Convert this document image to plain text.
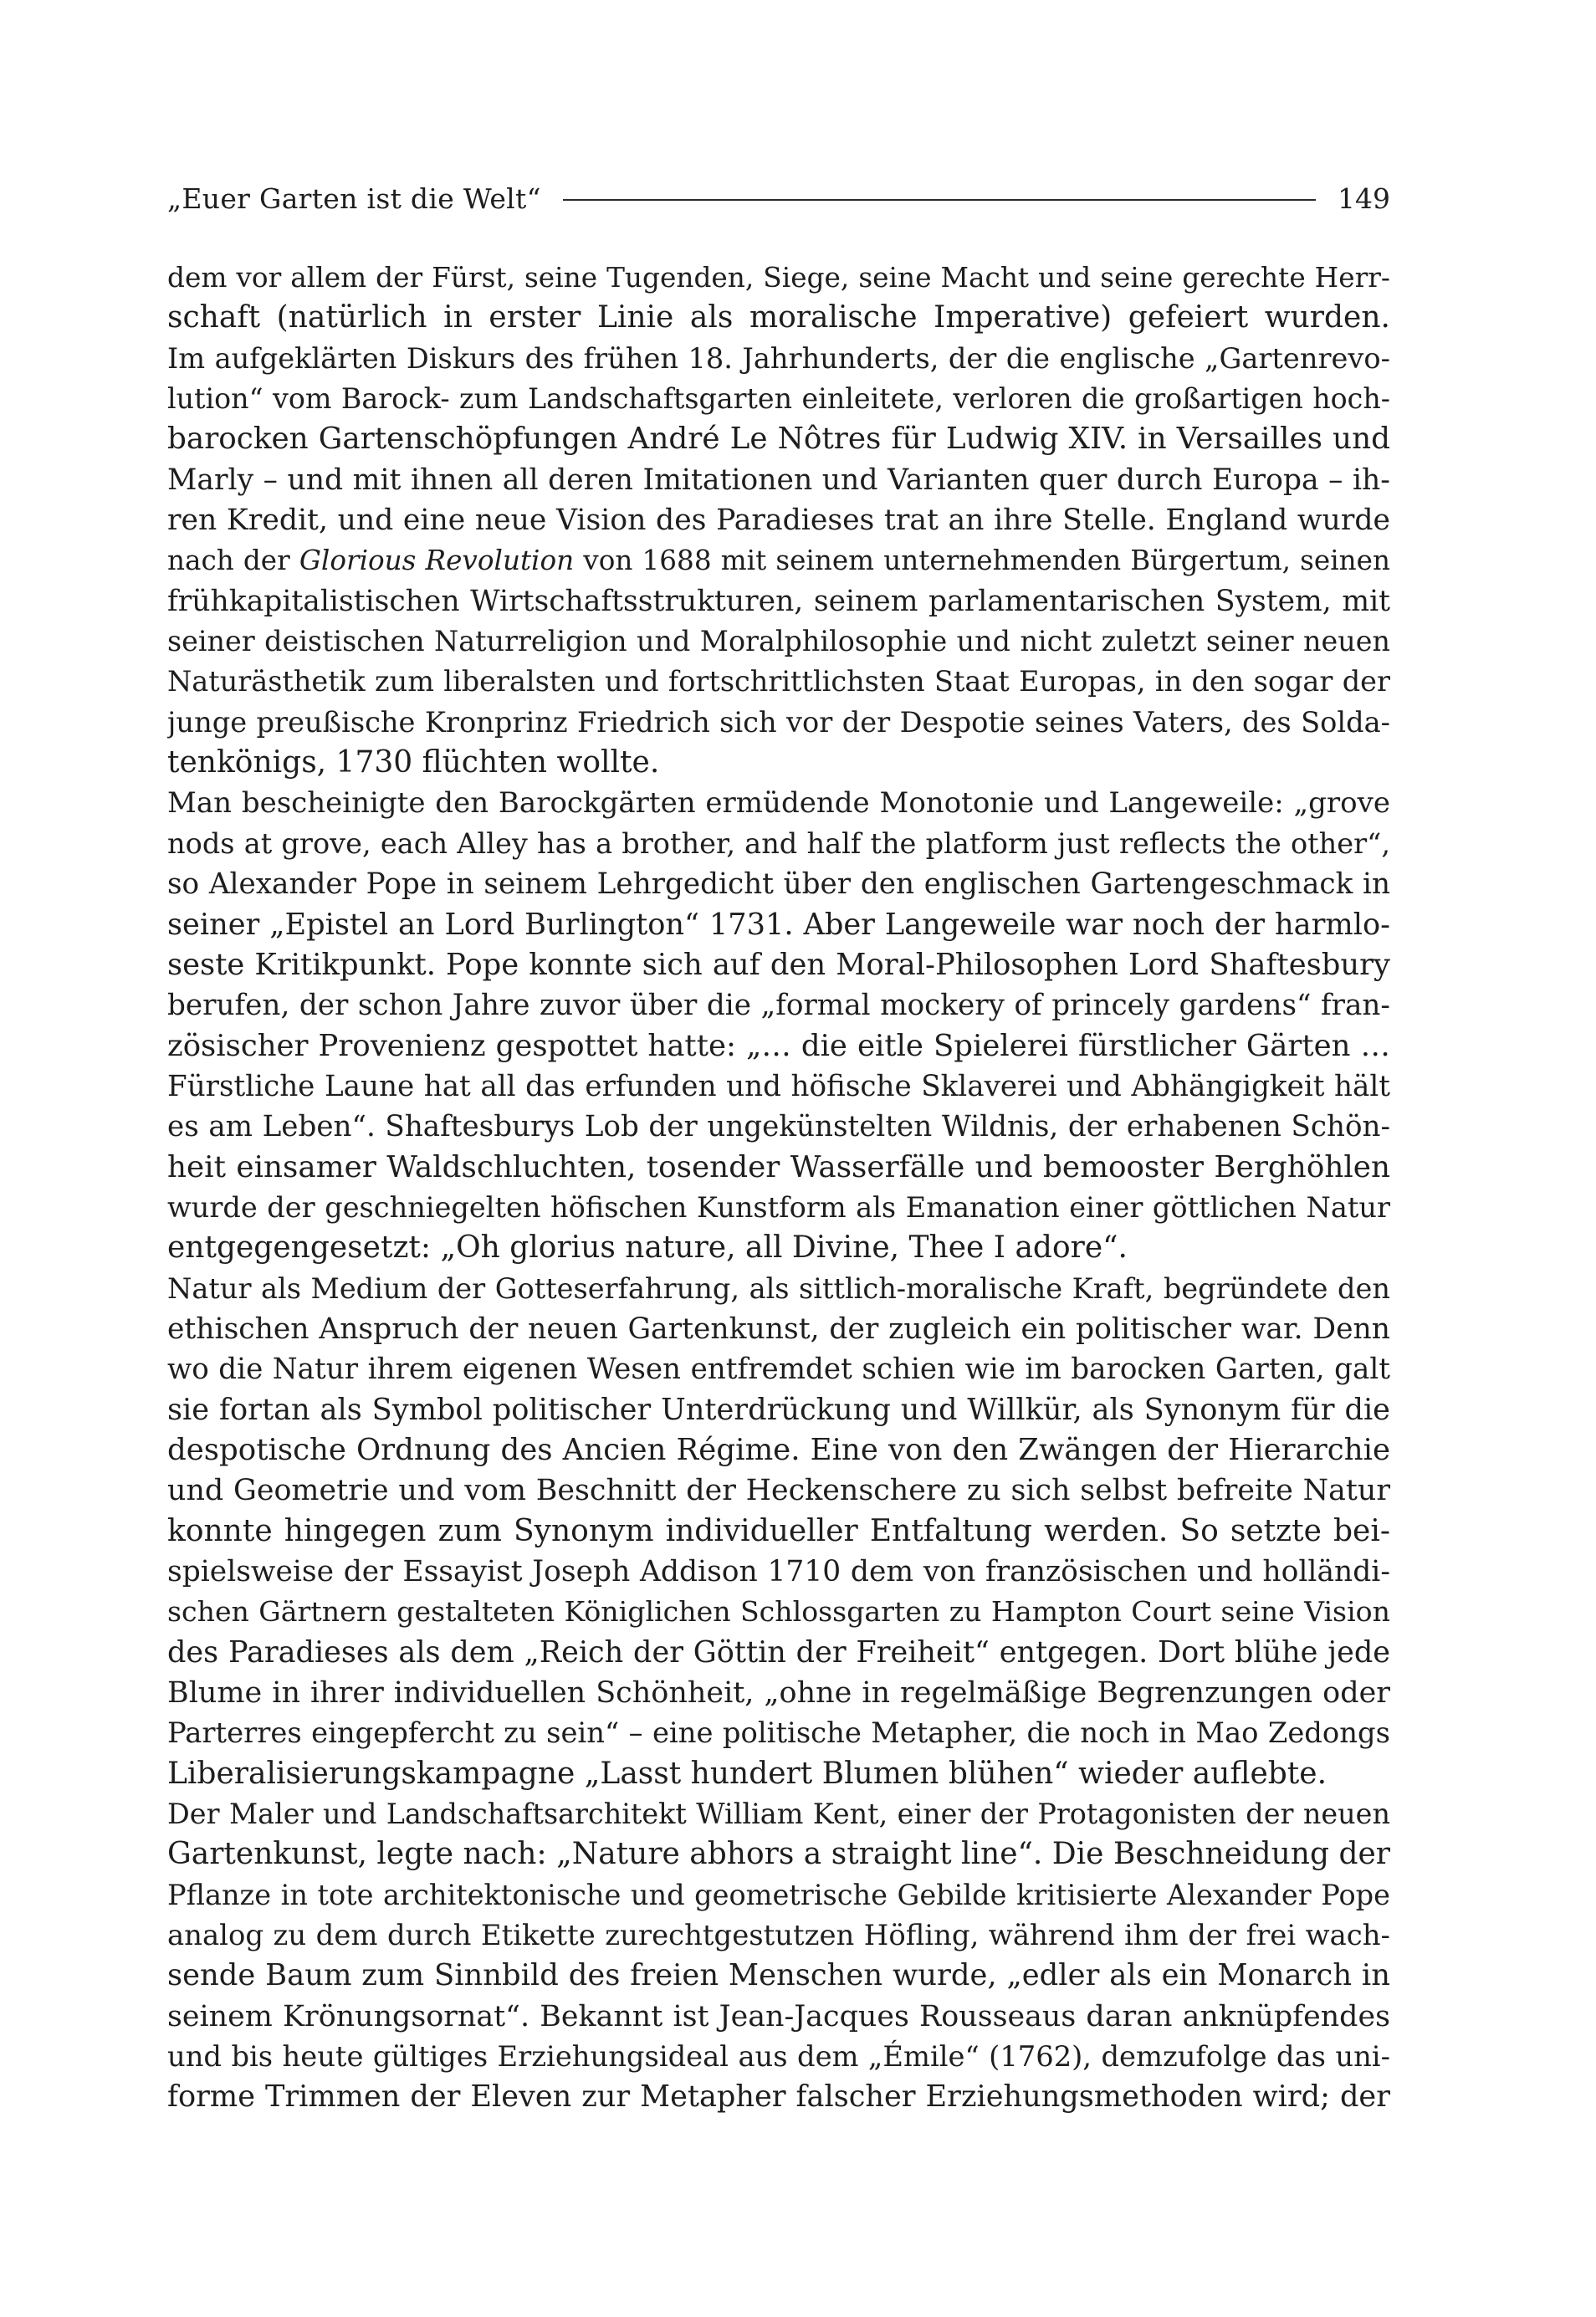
„Euer Garten ist die Welt“	149
dem vor allem der Fürst, seine Tugenden, Siege, seine Macht und seine gerechte Herr-
schaft (natürlich in erster Linie als moralische Imperative) gefeiert wurden.
Im aufgeklärten Diskurs des frühen 18. Jahrhunderts, der die englische „Gartenrevo-
lution“ vom Barock- zum Landschaftsgarten einleitete, verloren die großartigen hoch-
barocken Gartenschöpfungen André Le Nôtres für Ludwig XIV. in Versailles und
Marly – und mit ihnen all deren Imitationen und Varianten quer durch Europa – ih-
ren Kredit, und eine neue Vision des Paradieses trat an ihre Stelle. England wurde
nach der Glorious Revolution von 1688 mit seinem unternehmenden Bürgertum, seinen
frühkapitalistischen Wirtschaftsstrukturen, seinem parlamentarischen System, mit
seiner deistischen Naturreligion und Moralphilosophie und nicht zuletzt seiner neuen
Naturästhetik zum liberalsten und fortschrittlichsten Staat Europas, in den sogar der
junge preußische Kronprinz Friedrich sich vor der Despotie seines Vaters, des Solda-
tenkönigs, 1730 flüchten wollte.
Man bescheinigte den Barockgärten ermüdende Monotonie und Langeweile: „grove
nods at grove, each Alley has a brother, and half the platform just reflects the other“,
so Alexander Pope in seinem Lehrgedicht über den englischen Gartengeschmack in
seiner „Epistel an Lord Burlington“ 1731. Aber Langeweile war noch der harmlo-
seste Kritikpunkt. Pope konnte sich auf den Moral-Philosophen Lord Shaftesbury
berufen, der schon Jahre zuvor über die „formal mockery of princely gardens“ fran-
zösischer Provenienz gespottet hatte: „… die eitle Spielerei fürstlicher Gärten …
Fürstliche Laune hat all das erfunden und höfische Sklaverei und Abhängigkeit hält
es am Leben“. Shaftesburys Lob der ungekünstelten Wildnis, der erhabenen Schön-
heit einsamer Waldschluchten, tosender Wasserfälle und bemooster Berghöhlen
wurde der geschniegelten höfischen Kunstform als Emanation einer göttlichen Natur
entgegengesetzt: „Oh glorius nature, all Divine, Thee I adore“.
Natur als Medium der Gotteserfahrung, als sittlich-moralische Kraft, begründete den
ethischen Anspruch der neuen Gartenkunst, der zugleich ein politischer war. Denn
wo die Natur ihrem eigenen Wesen entfremdet schien wie im barocken Garten, galt
sie fortan als Symbol politischer Unterdrückung und Willkür, als Synonym für die
despotische Ordnung des Ancien Régime. Eine von den Zwängen der Hierarchie
und Geometrie und vom Beschnitt der Heckenschere zu sich selbst befreite Natur
konnte hingegen zum Synonym individueller Entfaltung werden. So setzte bei-
spielsweise der Essayist Joseph Addison 1710 dem von französischen und holländi-
schen Gärtnern gestalteten Königlichen Schlossgarten zu Hampton Court seine Vision
des Paradieses als dem „Reich der Göttin der Freiheit“ entgegen. Dort blühe jede
Blume in ihrer individuellen Schönheit, „ohne in regelmäßige Begrenzungen oder
Parterres eingepfercht zu sein“ – eine politische Metapher, die noch in Mao Zedongs
Liberalisierungskampagne „Lasst hundert Blumen blühen“ wieder auflebte.
Der Maler und Landschaftsarchitekt William Kent, einer der Protagonisten der neuen
Gartenkunst, legte nach: „Nature abhors a straight line“. Die Beschneidung der
Pflanze in tote architektonische und geometrische Gebilde kritisierte Alexander Pope
analog zu dem durch Etikette zurechtgestutzen Höfling, während ihm der frei wach-
sende Baum zum Sinnbild des freien Menschen wurde, „edler als ein Monarch in
seinem Krönungsornat“. Bekannt ist Jean-Jacques Rousseaus daran anknüpfendes
und bis heute gültiges Erziehungsideal aus dem „Émile“ (1762), demzufolge das uni-
forme Trimmen der Eleven zur Metapher falscher Erziehungsmethoden wird; der
